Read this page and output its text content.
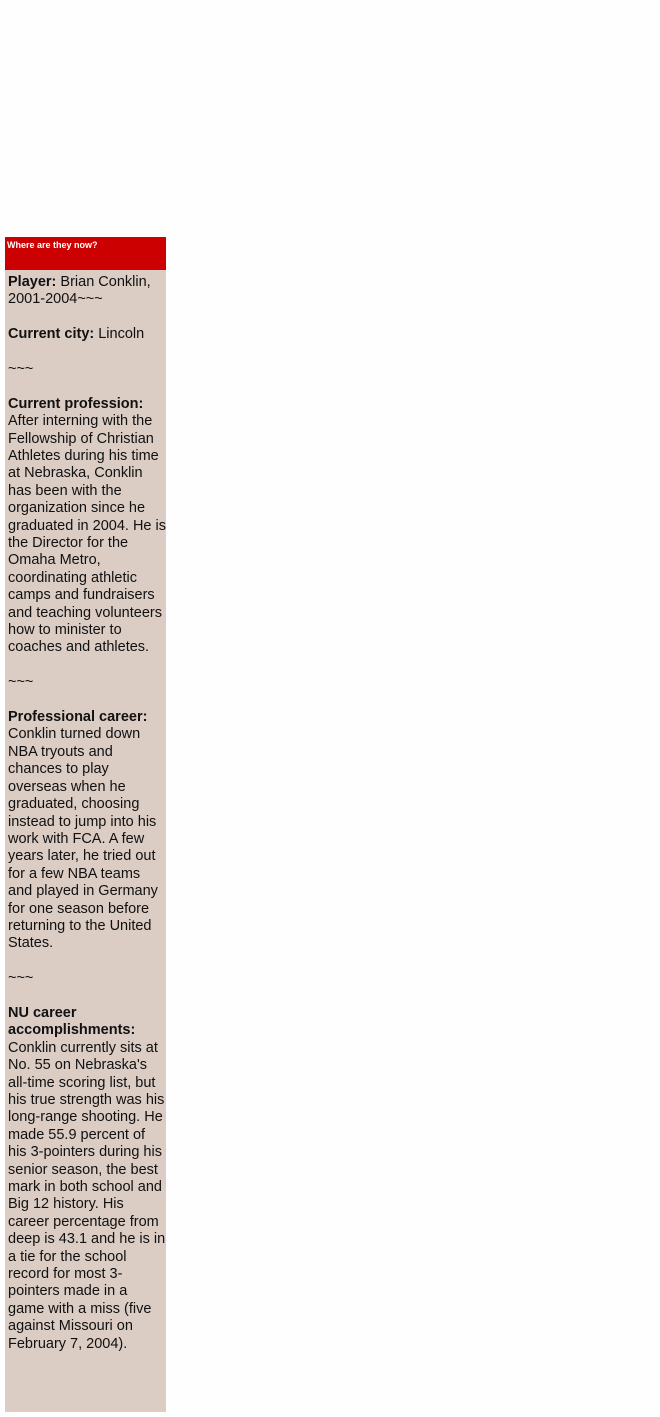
Where are they now?
Player: Brian Conklin, 2001-2004~~~
Current city: Lincoln
~~~
Current profession:
After interning with the Fellowship of Christian Athletes during his time at Nebraska, Conklin has been with the organization since he graduated in 2004. He is the Director for the Omaha Metro, coordinating athletic camps and fundraisers and teaching volunteers how to minister to coaches and athletes.
~~~
Professional career:
Conklin turned down NBA tryouts and chances to play overseas when he graduated, choosing instead to jump into his work with FCA. A few years later, he tried out for a few NBA teams and played in Germany for one season before returning to the United States.
~~~
NU career accomplishments:
Conklin currently sits at No. 55 on Nebraska's all-time scoring list, but his true strength was his long-range shooting. He made 55.9 percent of his 3-pointers during his senior season, the best mark in both school and Big 12 history. His career percentage from deep is 43.1 and he is in a tie for the school record for most 3-pointers made in a game with a miss (five against Missouri on February 7, 2004).
